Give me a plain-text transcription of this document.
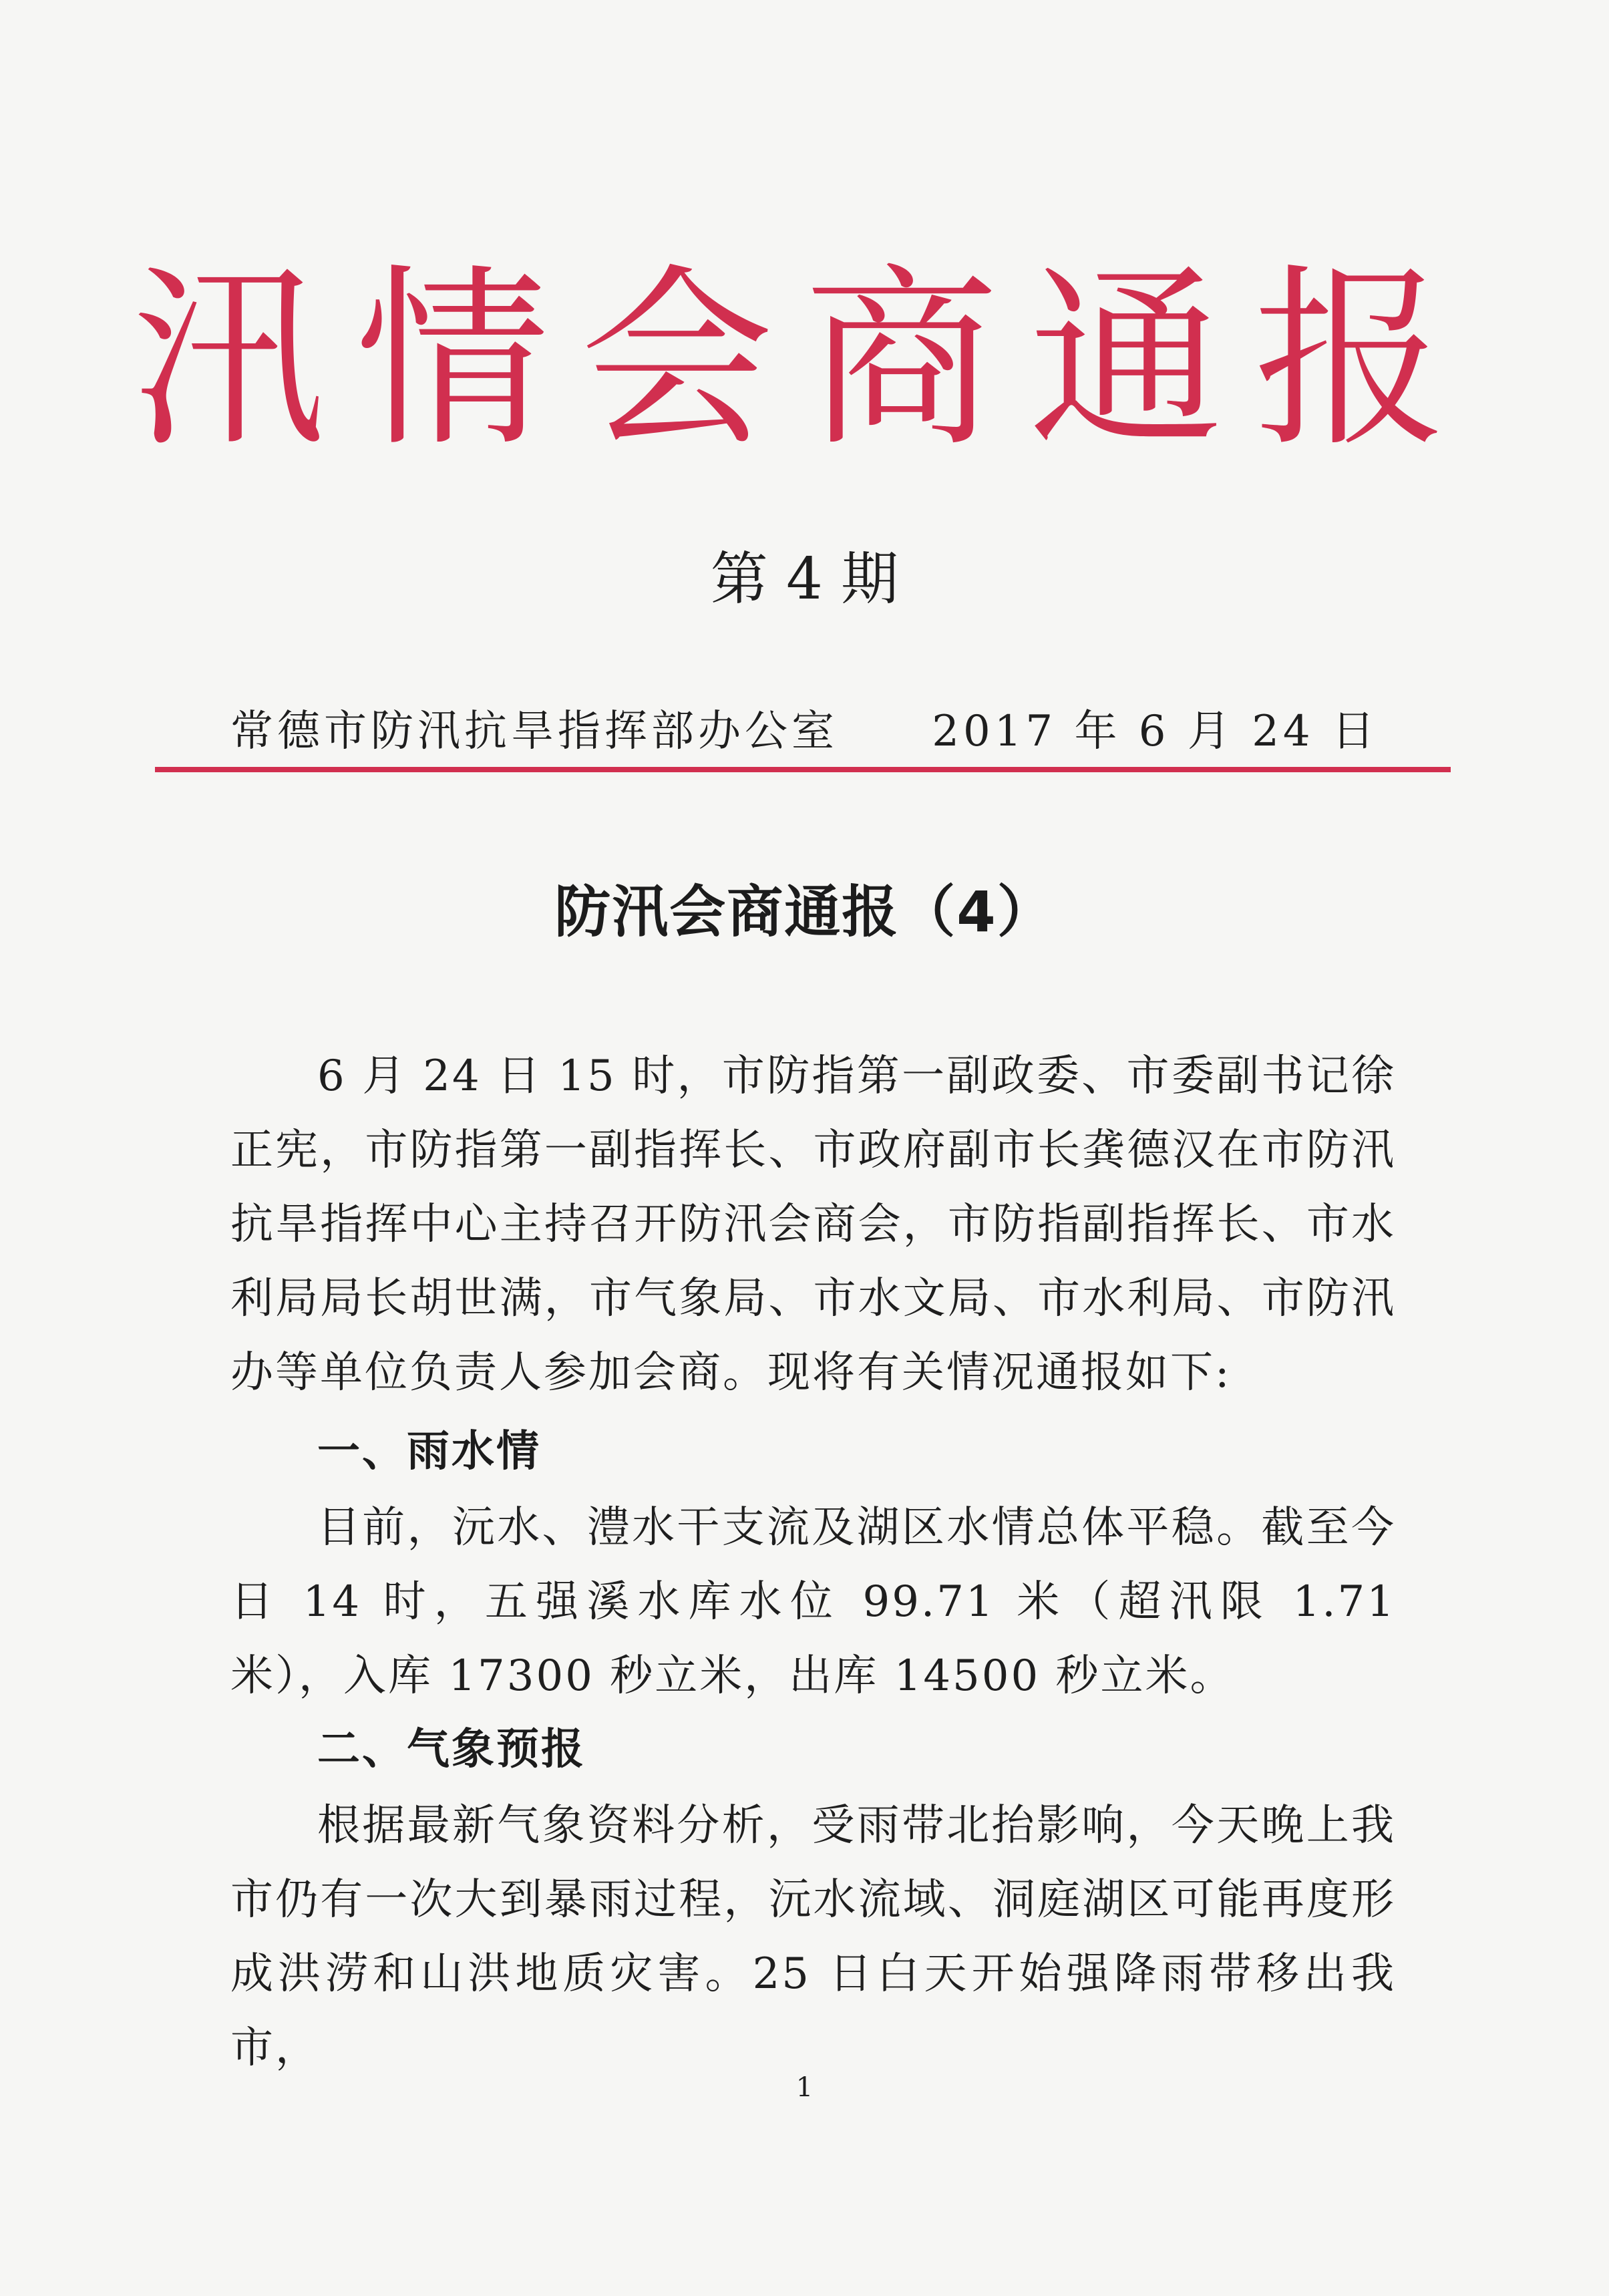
汛情会商通报
第 4 期
常德市防汛抗旱指挥部办公室 2017 年 6 月 24 日
防汛会商通报（4）
6 月 24 日 15 时，市防指第一副政委、市委副书记徐正宪，市防指第一副指挥长、市政府副市长龚德汉在市防汛抗旱指挥中心主持召开防汛会商会，市防指副指挥长、市水利局局长胡世满，市气象局、市水文局、市水利局、市防汛办等单位负责人参加会商。现将有关情况通报如下:
一、雨水情
目前，沅水、澧水干支流及湖区水情总体平稳。截至今日 14 时，五强溪水库水位 99.71 米（超汛限 1.71 米），入库 17300 秒立米，出库 14500 秒立米。
二、气象预报
根据最新气象资料分析，受雨带北抬影响，今天晚上我市仍有一次大到暴雨过程，沅水流域、洞庭湖区可能再度形成洪涝和山洪地质灾害。25 日白天开始强降雨带移出我市，
1
